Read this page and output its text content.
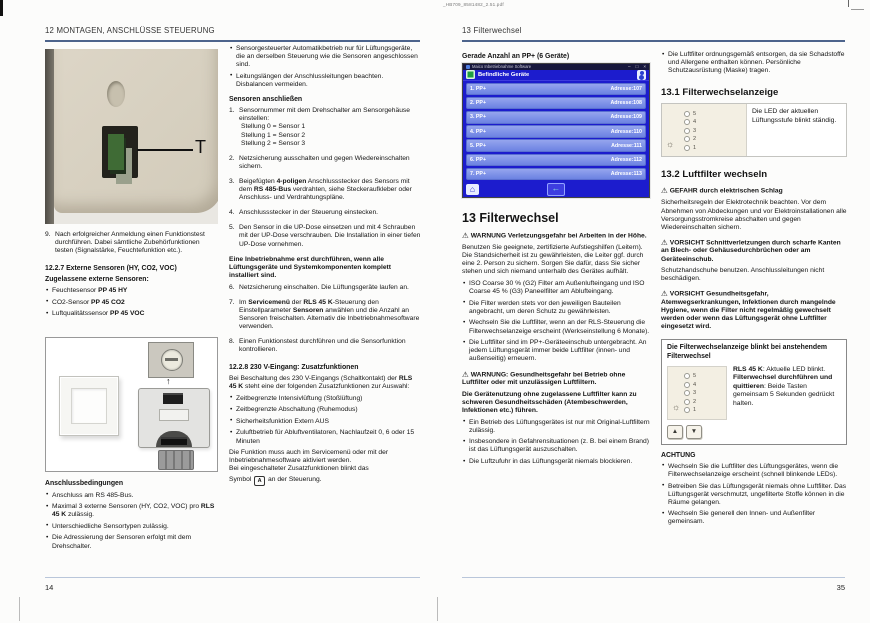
_HB709_8581482_2.51.pdf
12 MONTAGEN, ANSCHLÜSSE STEUERUNG
T
9. Nach erfolgreicher Anmeldung einen Funktionstest durchführen. Dabei sämtliche Zubehörfunktionen testen (Signalstärke, Feuchtefunktion etc.).
12.2.7 Externe Sensoren (HY, CO2, VOC)
Zugelassene externe Sensoren:
• Feuchtesensor PP 45 HY
• CO2-Sensor PP 45 CO2
• Luftqualitätssensor PP 45 VOC
↑
Anschlussbedingungen
• Anschluss am RS 485-Bus.
• Maximal 3 externe Sensoren (HY, CO2, VOC) pro RLS 45 K zulässig.
• Unterschiedliche Sensortypen zulässig.
• Die Adressierung der Sensoren erfolgt mit dem Drehschalter.
• Sensorgesteuerter Automatikbetrieb nur für Lüftungsgeräte, die an derselben Steuerung wie die Sensoren angeschlossen sind.
• Leitungslängen der Anschlussleitungen beachten. Disbalancen vermeiden.
Sensoren anschließen
1. Sensornummer mit dem Drehschalter am Sensorgehäuse einstellen:
Stellung 0 = Sensor 1
Stellung 1 = Sensor 2
Stellung 2 = Sensor 3
2. Netzsicherung ausschalten und gegen Wiedereinschalten sichern.
3. Beigefügten 4-poligen Anschlussstecker des Sensors mit dem RS 485-Bus verdrahten, siehe Steckeraufkleber oder Anschluss- und Verdrahtungspläne.
4. Anschlussstecker in der Steuerung einstecken.
5. Den Sensor in die UP-Dose einsetzen und mit 4 Schrauben mit der UP-Dose verschrauben. Die Installation in einer tiefen UP-Dose vornehmen.
Eine Inbetriebnahme erst durchführen, wenn alle Lüftungsgeräte und Systemkomponenten komplett installiert sind.
6. Netzsicherung einschalten. Die Lüftungsgeräte laufen an.
7. Im Servicemenü der RLS 45 K-Steuerung den Einstellparameter Sensoren anwählen und die Anzahl an Sensoren freischalten. Alternativ die Inbetriebnahmesoftware verwenden.
8. Einen Funktionstest durchführen und die Sensorfunktion kontrollieren.
12.2.8 230 V-Eingang: Zusatzfunktionen
Bei Beschaltung des 230 V-Eingangs (Schaltkontakt) der RLS 45 K steht eine der folgenden Zusatzfunktionen zur Auswahl:
• Zeitbegrenzte Intensivlüftung (Stoßlüftung)
• Zeitbegrenzte Abschaltung (Ruhemodus)
• Sicherheitsfunktion Extern AUS
• Zuluftbetrieb für Abluftventilatoren, Nachlaufzeit 0, 6 oder 15 Minuten
Die Funktion muss auch im Servicemenü oder mit der Inbetriebnahmesoftware aktiviert werden.
Bei eingeschalteter Zusatzfunktionen blinkt das
Symbol A an der Steuerung.
14
13 Filterwechsel
Gerade Anzahl an PP+ (6 Geräte)
Maico Inbetriebnahme Software	– □ ×
Befindliche Geräte
1. PP+	Adresse:107
2. PP+	Adresse:108
3. PP+	Adresse:109
4. PP+	Adresse:110
5. PP+	Adresse:111
6. PP+	Adresse:112
7. PP+	Adresse:113
⌂	←
13 Filterwechsel
⚠ WARNUNG Verletzungsgefahr bei Arbeiten in der Höhe.
Benutzen Sie geeignete, zertifizierte Aufstiegshilfen (Leitern). Die Standsicherheit ist zu gewährleisten, die Leiter ggf. durch eine 2. Person zu sichern. Sorgen Sie dafür, dass Sie sicher stehen und sich niemand unterhalb des Gerätes aufhält.
• ISO Coarse 30 % (G2) Filter am Außenlufteingang und ISO Coarse 45 % (G3) Paneelfilter am Ablufteingang.
• Die Filter werden stets vor den jeweiligen Bauteilen angebracht, um deren Schutz zu gewährleisten.
• Wechseln Sie die Luftfilter, wenn an der RLS-Steuerung die Filterwechselanzeige erscheint (Werkseinstellung 6 Monate).
• Die Luftfilter sind im PP+-Geräteeinschub untergebracht. An jedem Lüftungsgerät immer beide Luftfilter (innen- und außenseitig) erneuern.
⚠ WARNUNG: Gesundheitsgefahr bei Betrieb ohne Luftfilter oder mit unzulässigen Luftfiltern.
Die Gerätenutzung ohne zugelassene Luftfilter kann zu schweren Gesundheitsschäden (Atembeschwerden, Infektionen etc.) führen.
• Ein Betrieb des Lüftungsgerätes ist nur mit Original-Luftfiltern zulässig.
• Insbesondere in Gefahrensituationen (z. B. bei einem Brand) ist das Lüftungsgerät auszuschalten.
• Die Luftzufuhr in das Lüftungsgerät niemals blockieren.
• Die Luftfilter ordnungsgemäß entsorgen, da sie Schadstoffe und Allergene enthalten können. Persönliche Schutzausrüstung (Maske) tragen.
13.1 Filterwechselanzeige
5
4
3
2
1
☼
Die LED der aktuellen Lüftungsstufe blinkt ständig.
13.2 Luftfilter wechseln
⚠ GEFAHR durch elektrischen Schlag
Sicherheitsregeln der Elektrotechnik beachten. Vor dem Abnehmen von Abdeckungen und vor Elektroinstallationen alle Versorgungsstromkreise abschalten und gegen Wiedereinschalten sichern.
⚠ VORSICHT Schnittverletzungen durch scharfe Kanten an Blech- oder Gehäusedurchbrüchen oder am Geräteeinschub.
Schutzhandschuhe benutzen. Anschlussleitungen nicht beschädigen.
⚠ VORSICHT Gesundheitsgefahr, Atemwegserkrankungen, Infektionen durch mangelnde Hygiene, wenn die Filter nicht regelmäßig gewechselt werden oder wenn das Lüftungsgerät ohne Luftfilter eingesetzt wird.
Die Filterwechselanzeige blinkt bei anstehendem Filterwechsel
5
4
3
2
1
☼
▲	▼
RLS 45 K: Aktuelle LED blinkt. Filterwechsel durchführen und quittieren: Beide Tasten gemeinsam 5 Sekunden gedrückt halten.
ACHTUNG
• Wechseln Sie die Luftfilter des Lüftungsgerätes, wenn die Filterwechselanzeige erscheint (schnell blinkende LEDs).
• Betreiben Sie das Lüftungsgerät niemals ohne Luftfilter. Das Lüftungsgerät verschmutzt, ungefilterte Stoffe können in die Räume gelangen.
• Wechseln Sie generell den Innen- und Außenfilter gemeinsam.
35
